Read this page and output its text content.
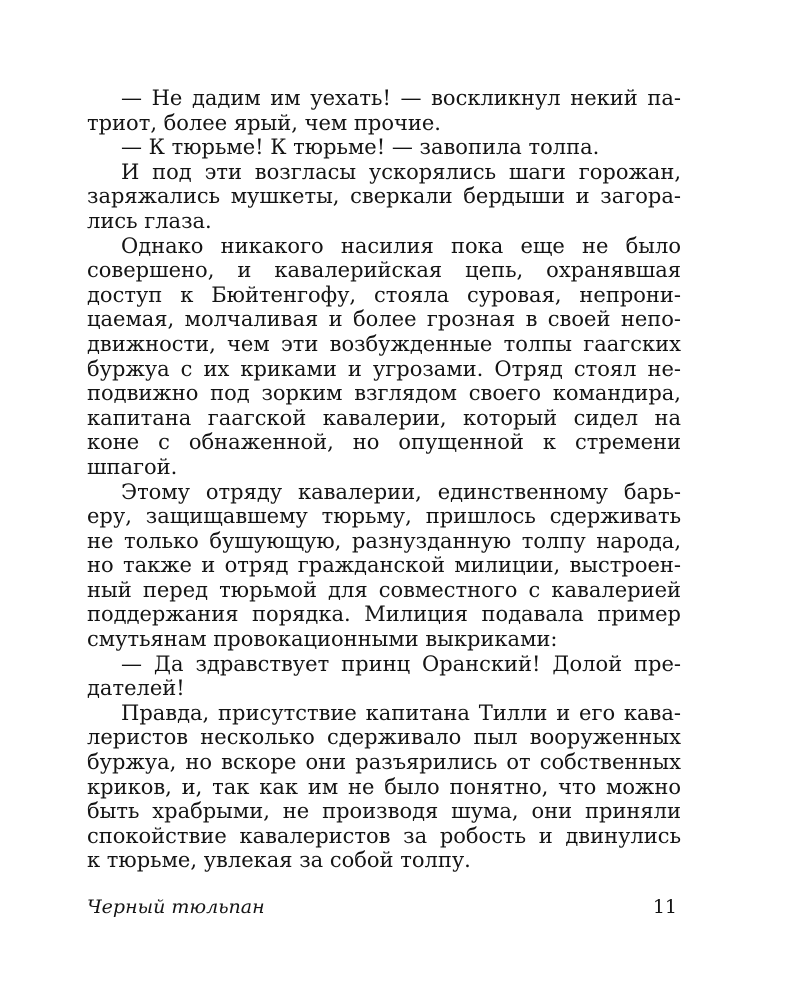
— Не дадим им уехать! — воскликнул некий па-
триот, более ярый, чем прочие.
— К тюрьме! К тюрьме! — завопила толпа.
И под эти возгласы ускорялись шаги горожан,
заряжались мушкеты, сверкали бердыши и загора-
лись глаза.
Однако никакого насилия пока еще не было
совершено, и кавалерийская цепь, охранявшая
доступ к Бюйтенгофу, стояла суровая, непрони-
цаемая, молчаливая и более грозная в своей непо-
движности, чем эти возбужденные толпы гаагских
буржуа с их криками и угрозами. Отряд стоял не-
подвижно под зорким взглядом своего командира,
капитана гаагской кавалерии, который сидел на
коне с обнаженной, но опущенной к стремени
шпагой.
Этому отряду кавалерии, единственному барь-
еру, защищавшему тюрьму, пришлось сдерживать
не только бушующую, разнузданную толпу народа,
но также и отряд гражданской милиции, выстроен-
ный перед тюрьмой для совместного с кавалерией
поддержания порядка. Милиция подавала пример
смутьянам провокационными выкриками:
— Да здравствует принц Оранский! Долой пре-
дателей!
Правда, присутствие капитана Тилли и его кава-
леристов несколько сдерживало пыл вооруженных
буржуа, но вскоре они разъярились от собственных
криков, и, так как им не было понятно, что можно
быть храбрыми, не производя шума, они приняли
спокойствие кавалеристов за робость и двинулись
к тюрьме, увлекая за собой толпу.
Черный тюльпан	11
